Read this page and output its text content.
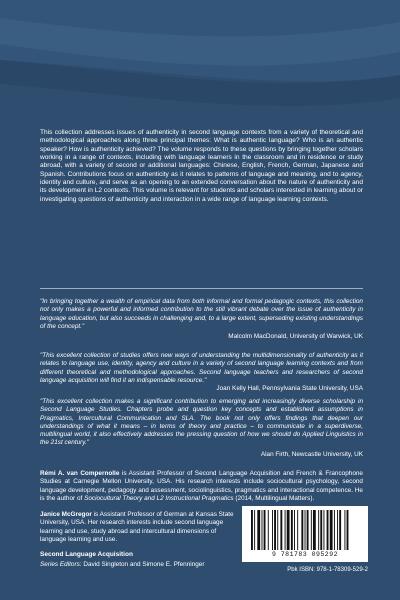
This collection addresses issues of authenticity in second language contexts from a variety of theoretical and methodological approaches along three principal themes: What is authentic language? Who is an authentic speaker? How is authenticity achieved? The volume responds to these questions by bringing together scholars working in a range of contexts, including with language learners in the classroom and in residence or study abroad, with a variety of second or additional languages: Chinese, English, French, German, Japanese and Spanish. Contributions focus on authenticity as it relates to patterns of language and meaning, and to agency, identity and culture, and serve as an opening to an extended conversation about the nature of authenticity and its development in L2 contexts. This volume is relevant for students and scholars interested in learning about or investigating questions of authenticity and interaction in a wide range of language learning contexts.

"In bringing together a wealth of empirical data from both informal and formal pedagogic contexts, this collection not only makes a powerful and informed contribution to the still vibrant debate over the issue of authenticity in language education, but also succeeds in challenging and, to a large extent, superseding existing understandings of the concept."

Malcolm MacDonald, University of Warwick, UK

"This excellent collection of studies offers new ways of understanding the multidimensionality of authenticity as it relates to language use, identity, agency and culture in a variety of second language learning contexts and from different theoretical and methodological approaches. Second language teachers and researchers of second language acquisition will find it an indispensable resource."

Joan Kelly Hall, Pennsylvania State University, USA

"This excellent collection makes a significant contribution to emerging and increasingly diverse scholarship in Second Language Studies. Chapters probe and question key concepts and established assumptions in Pragmatics, Intercultural Communication and SLA. The book not only offers findings that deepen our understandings of what it means – in terms of theory and practice – to communicate in a superdiverse, multilingual world, it also effectively addresses the pressing question of how we should do Applied Linguistics in the 21st century."

Alan Firth, Newcastle University, UK

Rémi A. van Compernolle is Assistant Professor of Second Language Acquisition and French & Francophone Studies at Carnegie Mellon University, USA. His research interests include sociocultural psychology, second language development, pedagogy and assessment, sociolinguistics, pragmatics and interactional competence. He is the author of Sociocultural Theory and L2 Instructional Pragmatics (2014, Multilingual Matters).

Janice McGregor is Assistant Professor of German at Kansas State University, USA. Her research interests include second language learning and use, study abroad and intercultural dimensions of language learning and use.

Second Language Acquisition

Series Editors: David Singleton and Simone E. Pfenninger

9 781783 095292

Pbk ISBN: 978-1-78309-529-2
